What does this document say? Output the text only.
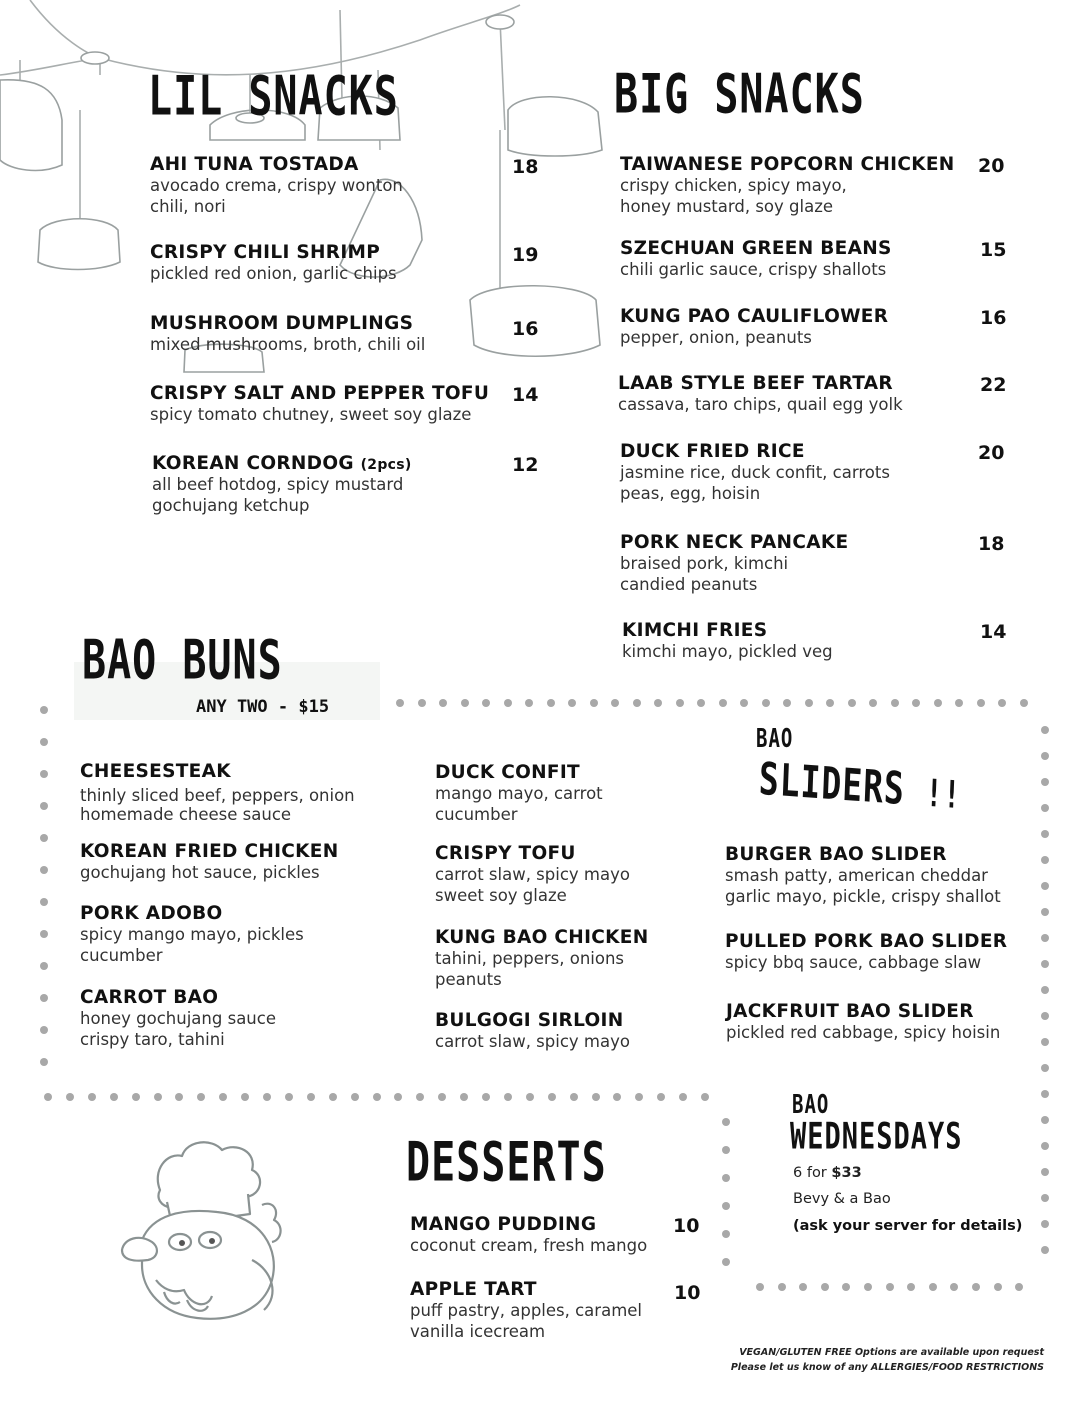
LIL SNACKS
AHI TUNA TOSTADA
avocado crema, crispy wonton
chili, nori
18
CRISPY CHILI SHRIMP
pickled red onion, garlic chips
19
MUSHROOM DUMPLINGS
mixed mushrooms, broth, chili oil
16
CRISPY SALT AND PEPPER TOFU
spicy tomato chutney, sweet soy glaze
14
KOREAN CORNDOG (2pcs)
all beef hotdog, spicy mustard
gochujang ketchup
12
BIG SNACKS
TAIWANESE POPCORN CHICKEN
crispy chicken, spicy mayo,
honey mustard, soy glaze
20
SZECHUAN GREEN BEANS
chili garlic sauce, crispy shallots
15
KUNG PAO CAULIFLOWER
pepper, onion, peanuts
16
LAAB STYLE BEEF TARTAR
cassava, taro chips, quail egg yolk
22
DUCK FRIED RICE
jasmine rice, duck confit, carrots
peas, egg, hoisin
20
PORK NECK PANCAKE
braised pork, kimchi
candied peanuts
18
KIMCHI FRIES
kimchi mayo, pickled veg
14
BAO BUNS
ANY TWO - $15
CHEESESTEAK
thinly sliced beef, peppers, onion
homemade cheese sauce
KOREAN FRIED CHICKEN
gochujang hot sauce, pickles
PORK ADOBO
spicy mango mayo, pickles
cucumber
CARROT BAO
honey gochujang sauce
crispy taro, tahini
DUCK CONFIT
mango mayo, carrot
cucumber
CRISPY TOFU
carrot slaw, spicy mayo
sweet soy glaze
KUNG BAO CHICKEN
tahini, peppers, onions
peanuts
BULGOGI SIRLOIN
carrot slaw, spicy mayo
BAO
SLIDERS !!
BURGER BAO SLIDER
smash patty, american cheddar
garlic mayo, pickle, crispy shallot
PULLED PORK BAO SLIDER
spicy bbq sauce, cabbage slaw
JACKFRUIT BAO SLIDER
pickled red cabbage, spicy hoisin
DESSERTS
MANGO PUDDING
coconut cream, fresh mango
10
APPLE TART
puff pastry, apples, caramel
vanilla icecream
10
BAO
WEDNESDAYS
6 for $33
Bevy & a Bao
(ask your server for details)
VEGAN/GLUTEN FREE Options are available upon request
Please let us know of any ALLERGIES/FOOD RESTRICTIONS
